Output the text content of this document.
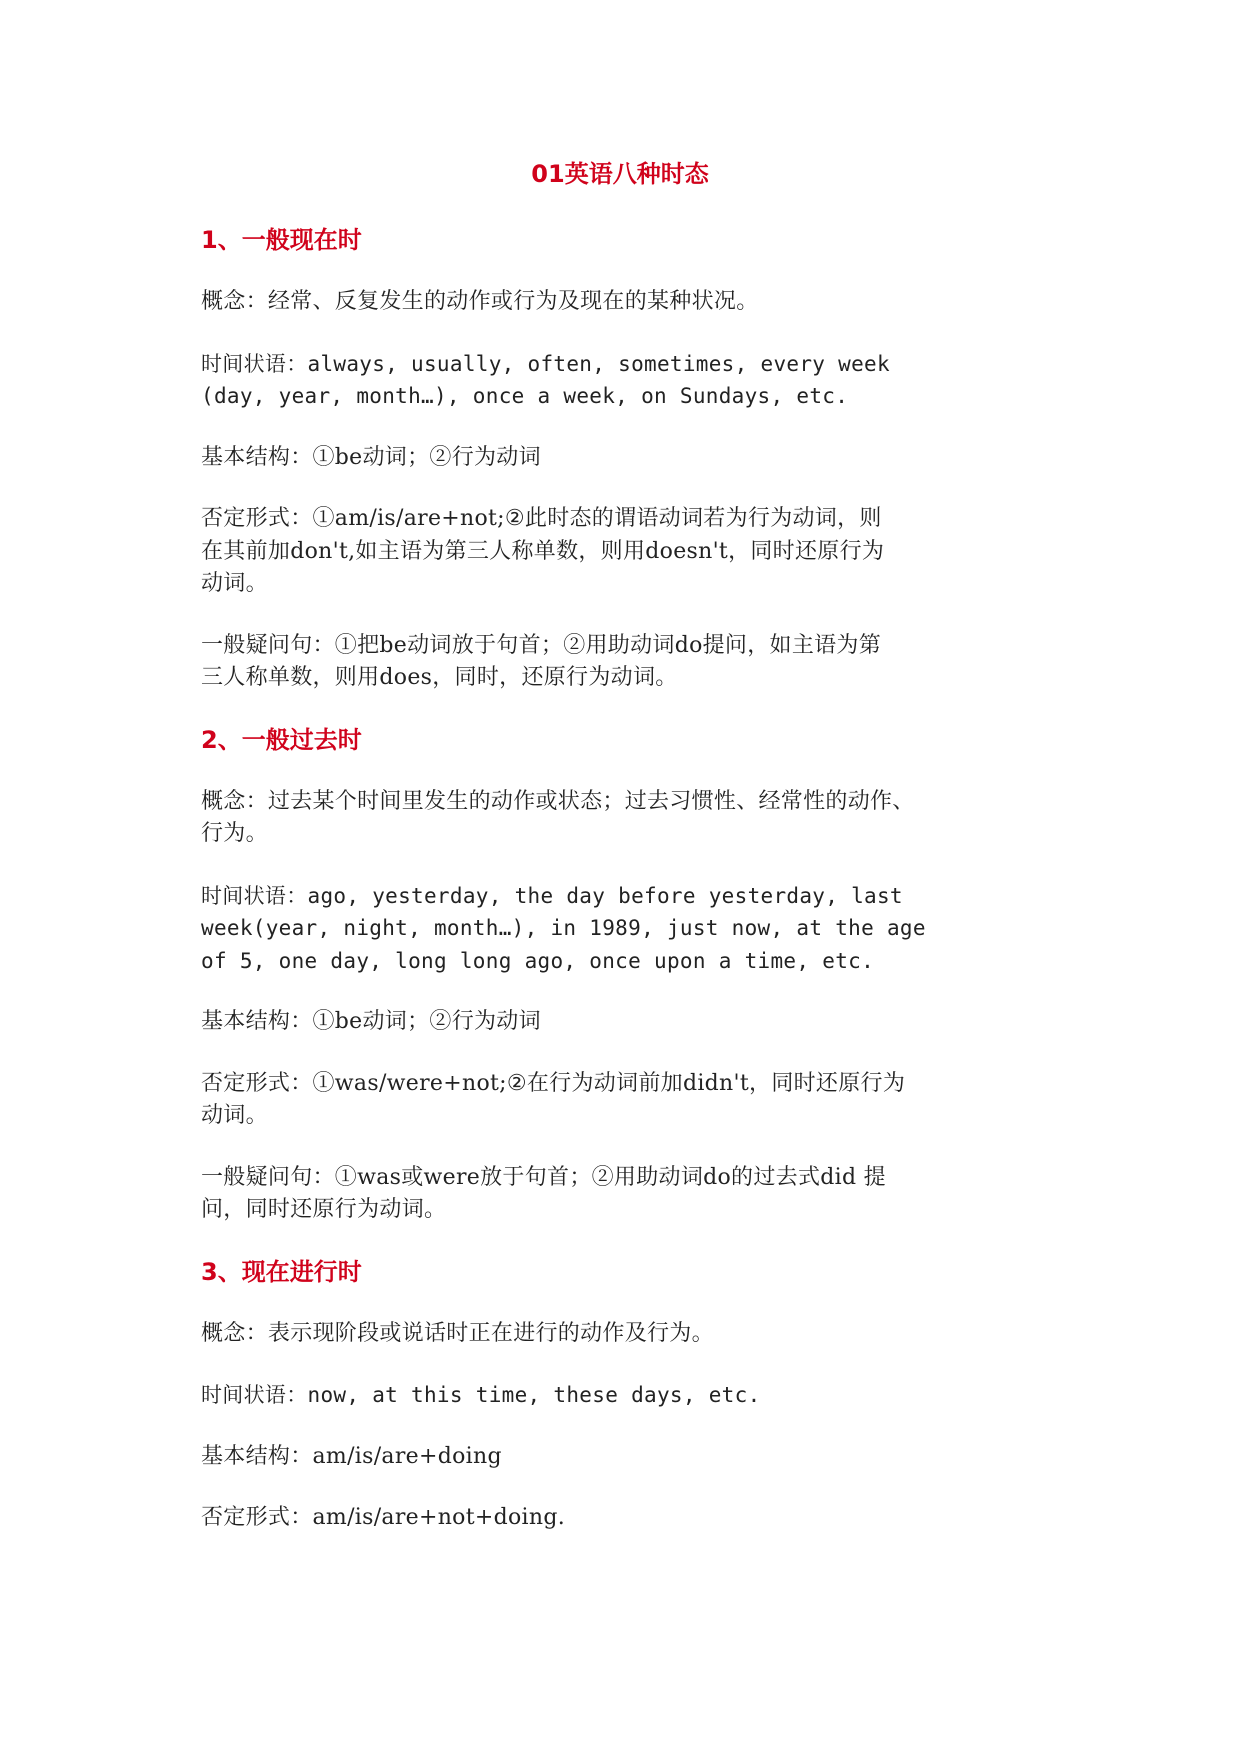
01英语八种时态
1、一般现在时
概念：经常、反复发生的动作或行为及现在的某种状况。
时间状语：always, usually, often, sometimes, every week
(day, year, month…), once a week, on Sundays, etc.
基本结构：①be动词；②行为动词
否定形式：①am/is/are+not;②此时态的谓语动词若为行为动词，则
在其前加don't,如主语为第三人称单数，则用doesn't，同时还原行为
动词。
一般疑问句：①把be动词放于句首；②用助动词do提问，如主语为第
三人称单数，则用does，同时，还原行为动词。
2、一般过去时
概念：过去某个时间里发生的动作或状态；过去习惯性、经常性的动作、
行为。
时间状语：ago, yesterday, the day before yesterday, last
week(year, night, month…), in 1989, just now, at the age
of 5, one day, long long ago, once upon a time, etc.
基本结构：①be动词；②行为动词
否定形式：①was/were+not;②在行为动词前加didn't，同时还原行为
动词。
一般疑问句：①was或were放于句首；②用助动词do的过去式did 提
问，同时还原行为动词。
3、现在进行时
概念：表示现阶段或说话时正在进行的动作及行为。
时间状语：now, at this time, these days, etc.
基本结构：am/is/are+doing
否定形式：am/is/are+not+doing.
